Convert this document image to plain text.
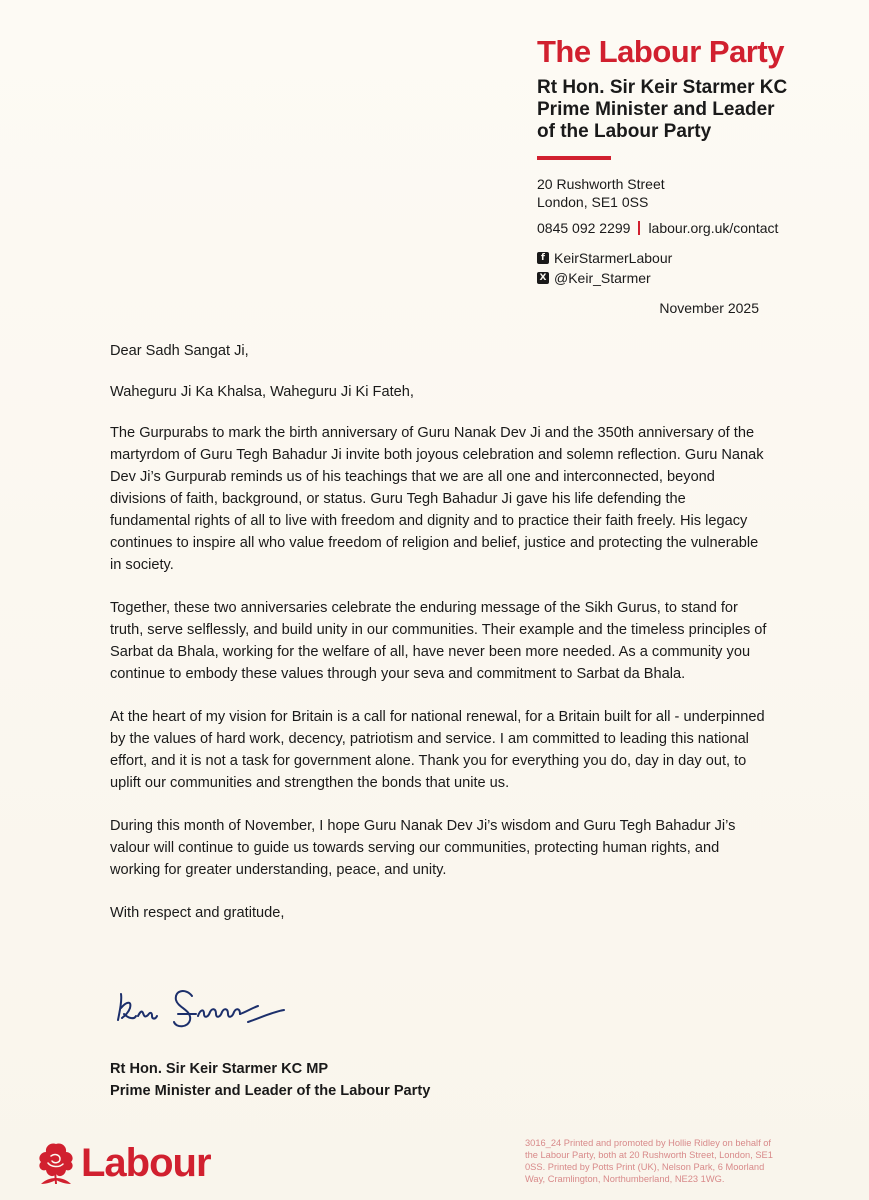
The Labour Party
Rt Hon. Sir Keir Starmer KC
Prime Minister and Leader
of the Labour Party
20 Rushworth Street
London, SE1 0SS
0845 092 2299 labour.org.uk/contact
f KeirStarmerLabour
X @Keir_Starmer
November 2025

Dear Sadh Sangat Ji,

Waheguru Ji Ka Khalsa, Waheguru Ji Ki Fateh,

The Gurpurabs to mark the birth anniversary of Guru Nanak Dev Ji and the 350th anniversary of the martyrdom of Guru Tegh Bahadur Ji invite both joyous celebration and solemn reflection. Guru Nanak Dev Ji’s Gurpurab reminds us of his teachings that we are all one and interconnected, beyond divisions of faith, background, or status. Guru Tegh Bahadur Ji gave his life defending the fundamental rights of all to live with freedom and dignity and to practice their faith freely. His legacy continues to inspire all who value freedom of religion and belief, justice and protecting the vulnerable in society.

Together, these two anniversaries celebrate the enduring message of the Sikh Gurus, to stand for truth, serve selflessly, and build unity in our communities. Their example and the timeless principles of Sarbat da Bhala, working for the welfare of all, have never been more needed. As a community you continue to embody these values through your seva and commitment to Sarbat da Bhala.

At the heart of my vision for Britain is a call for national renewal, for a Britain built for all - underpinned by the values of hard work, decency, patriotism and service. I am committed to leading this national effort, and it is not a task for government alone. Thank you for everything you do, day in day out, to uplift our communities and strengthen the bonds that unite us.

During this month of November, I hope Guru Nanak Dev Ji’s wisdom and Guru Tegh Bahadur Ji’s valour will continue to guide us towards serving our communities, protecting human rights, and working for greater understanding, peace, and unity.

With respect and gratitude,

Rt Hon. Sir Keir Starmer KC MP
Prime Minister and Leader of the Labour Party
Labour	3016_24 Printed and promoted by Hollie Ridley on behalf of the Labour Party, both at 20 Rushworth Street, London, SE1 0SS. Printed by Potts Print (UK), Nelson Park, 6 Moorland Way, Cramlington, Northumberland, NE23 1WG.
